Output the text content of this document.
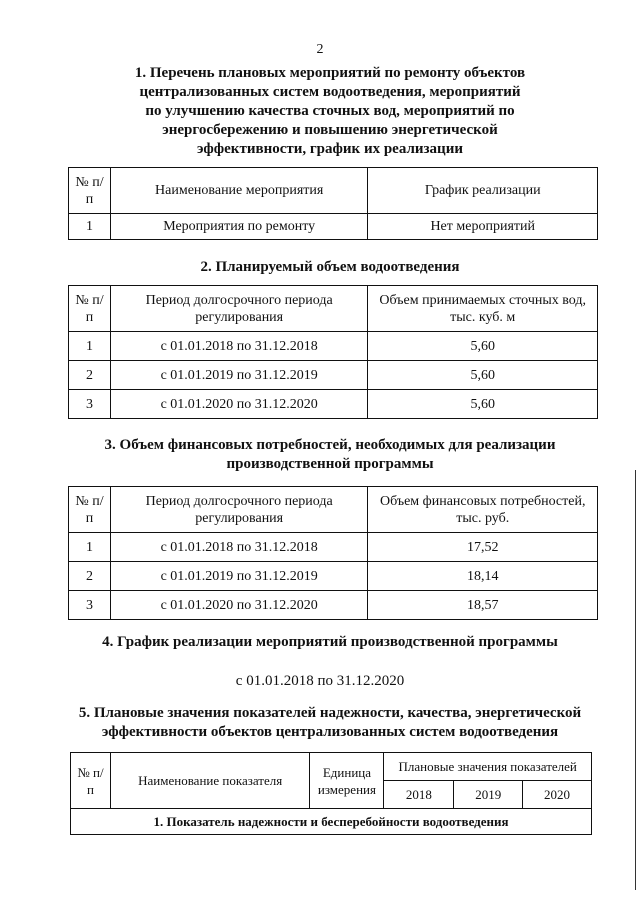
2
1. Перечень плановых мероприятий по ремонту объектов
централизованных систем водоотведения, мероприятий
по улучшению качества сточных вод, мероприятий по
энергосбережению и повышению энергетической
эффективности, график их реализации
№ п/п	Наименование мероприятия	График реализации
1	Мероприятия по ремонту	Нет мероприятий
2. Планируемый объем водоотведения
№ п/п	Период долгосрочного периода регулирования	Объем принимаемых сточных вод, тыс. куб. м
1	с 01.01.2018 по 31.12.2018	5,60
2	с 01.01.2019 по 31.12.2019	5,60
3	с 01.01.2020 по 31.12.2020	5,60
3. Объем финансовых потребностей, необходимых для реализации
производственной программы
№ п/п	Период долгосрочного периода регулирования	Объем финансовых потребностей, тыс. руб.
1	с 01.01.2018 по 31.12.2018	17,52
2	с 01.01.2019 по 31.12.2019	18,14
3	с 01.01.2020 по 31.12.2020	18,57
4. График реализации мероприятий производственной программы
с 01.01.2018 по 31.12.2020
5. Плановые значения показателей надежности, качества, энергетической
эффективности объектов централизованных систем водоотведения
№ п/п	Наименование показателя	Единица измерения	Плановые значения показателей		
			2018	2019	2020
1. Показатель надежности и бесперебойности водоотведения					
